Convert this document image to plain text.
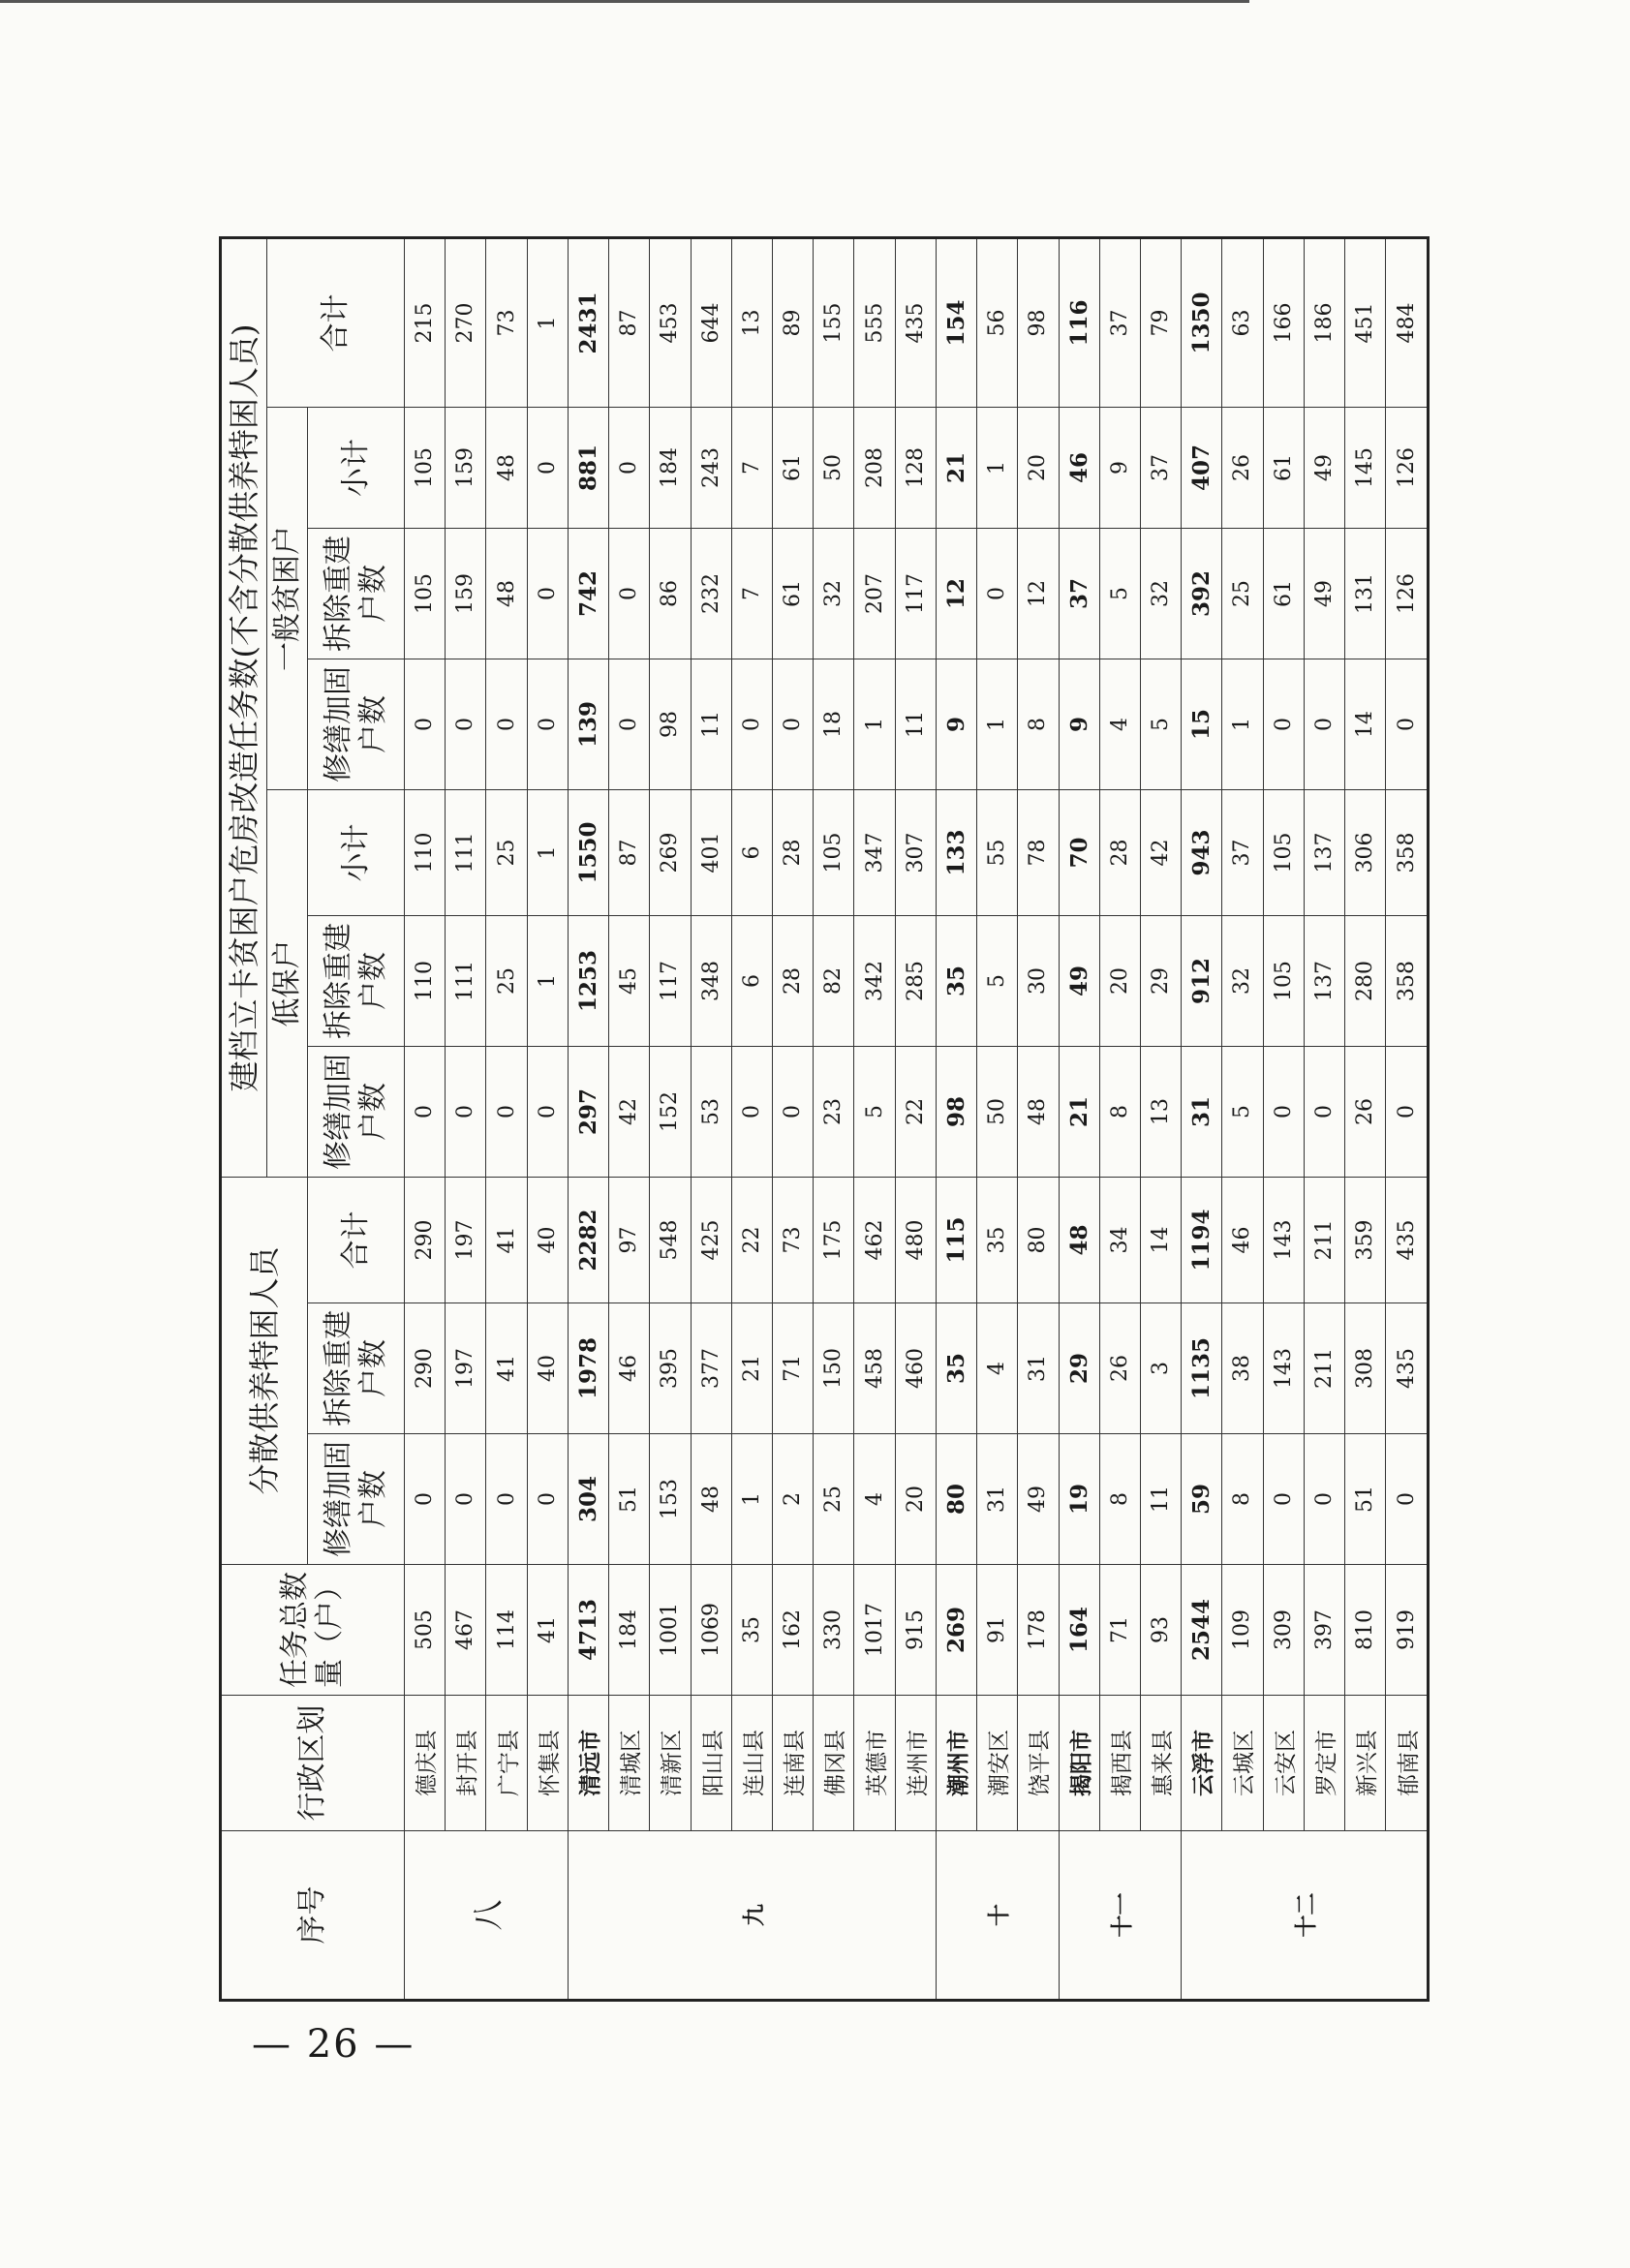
序号	行政区划	任务总数量（户）	分散供养特困人员			建档立卡贫困户危房改造任务数(不含分散供养特困人员)						
						低保户			一般贫困户			合计
			修缮加固户数	拆除重建户数	合计	修缮加固户数	拆除重建户数	小计	修缮加固户数	拆除重建户数	小计	
八	德庆县	505	0	290	290	0	110	110	0	105	105	215
	封开县	467	0	197	197	0	111	111	0	159	159	270
	广宁县	114	0	41	41	0	25	25	0	48	48	73
	怀集县	41	0	40	40	0	1	1	0	0	0	1
九	清远市	4713	304	1978	2282	297	1253	1550	139	742	881	2431
	清城区	184	51	46	97	42	45	87	0	0	0	87
	清新区	1001	153	395	548	152	117	269	98	86	184	453
	阳山县	1069	48	377	425	53	348	401	11	232	243	644
	连山县	35	1	21	22	0	6	6	0	7	7	13
	连南县	162	2	71	73	0	28	28	0	61	61	89
	佛冈县	330	25	150	175	23	82	105	18	32	50	155
	英德市	1017	4	458	462	5	342	347	1	207	208	555
	连州市	915	20	460	480	22	285	307	11	117	128	435
十	潮州市	269	80	35	115	98	35	133	9	12	21	154
	潮安区	91	31	4	35	50	5	55	1	0	1	56
	饶平县	178	49	31	80	48	30	78	8	12	20	98
十一	揭阳市	164	19	29	48	21	49	70	9	37	46	116
	揭西县	71	8	26	34	8	20	28	4	5	9	37
	惠来县	93	11	3	14	13	29	42	5	32	37	79
十二	云浮市	2544	59	1135	1194	31	912	943	15	392	407	1350
	云城区	109	8	38	46	5	32	37	1	25	26	63
	云安区	309	0	143	143	0	105	105	0	61	61	166
	罗定市	397	0	211	211	0	137	137	0	49	49	186
	新兴县	810	51	308	359	26	280	306	14	131	145	451
	郁南县	919	0	435	435	0	358	358	0	126	126	484
— 26 —
